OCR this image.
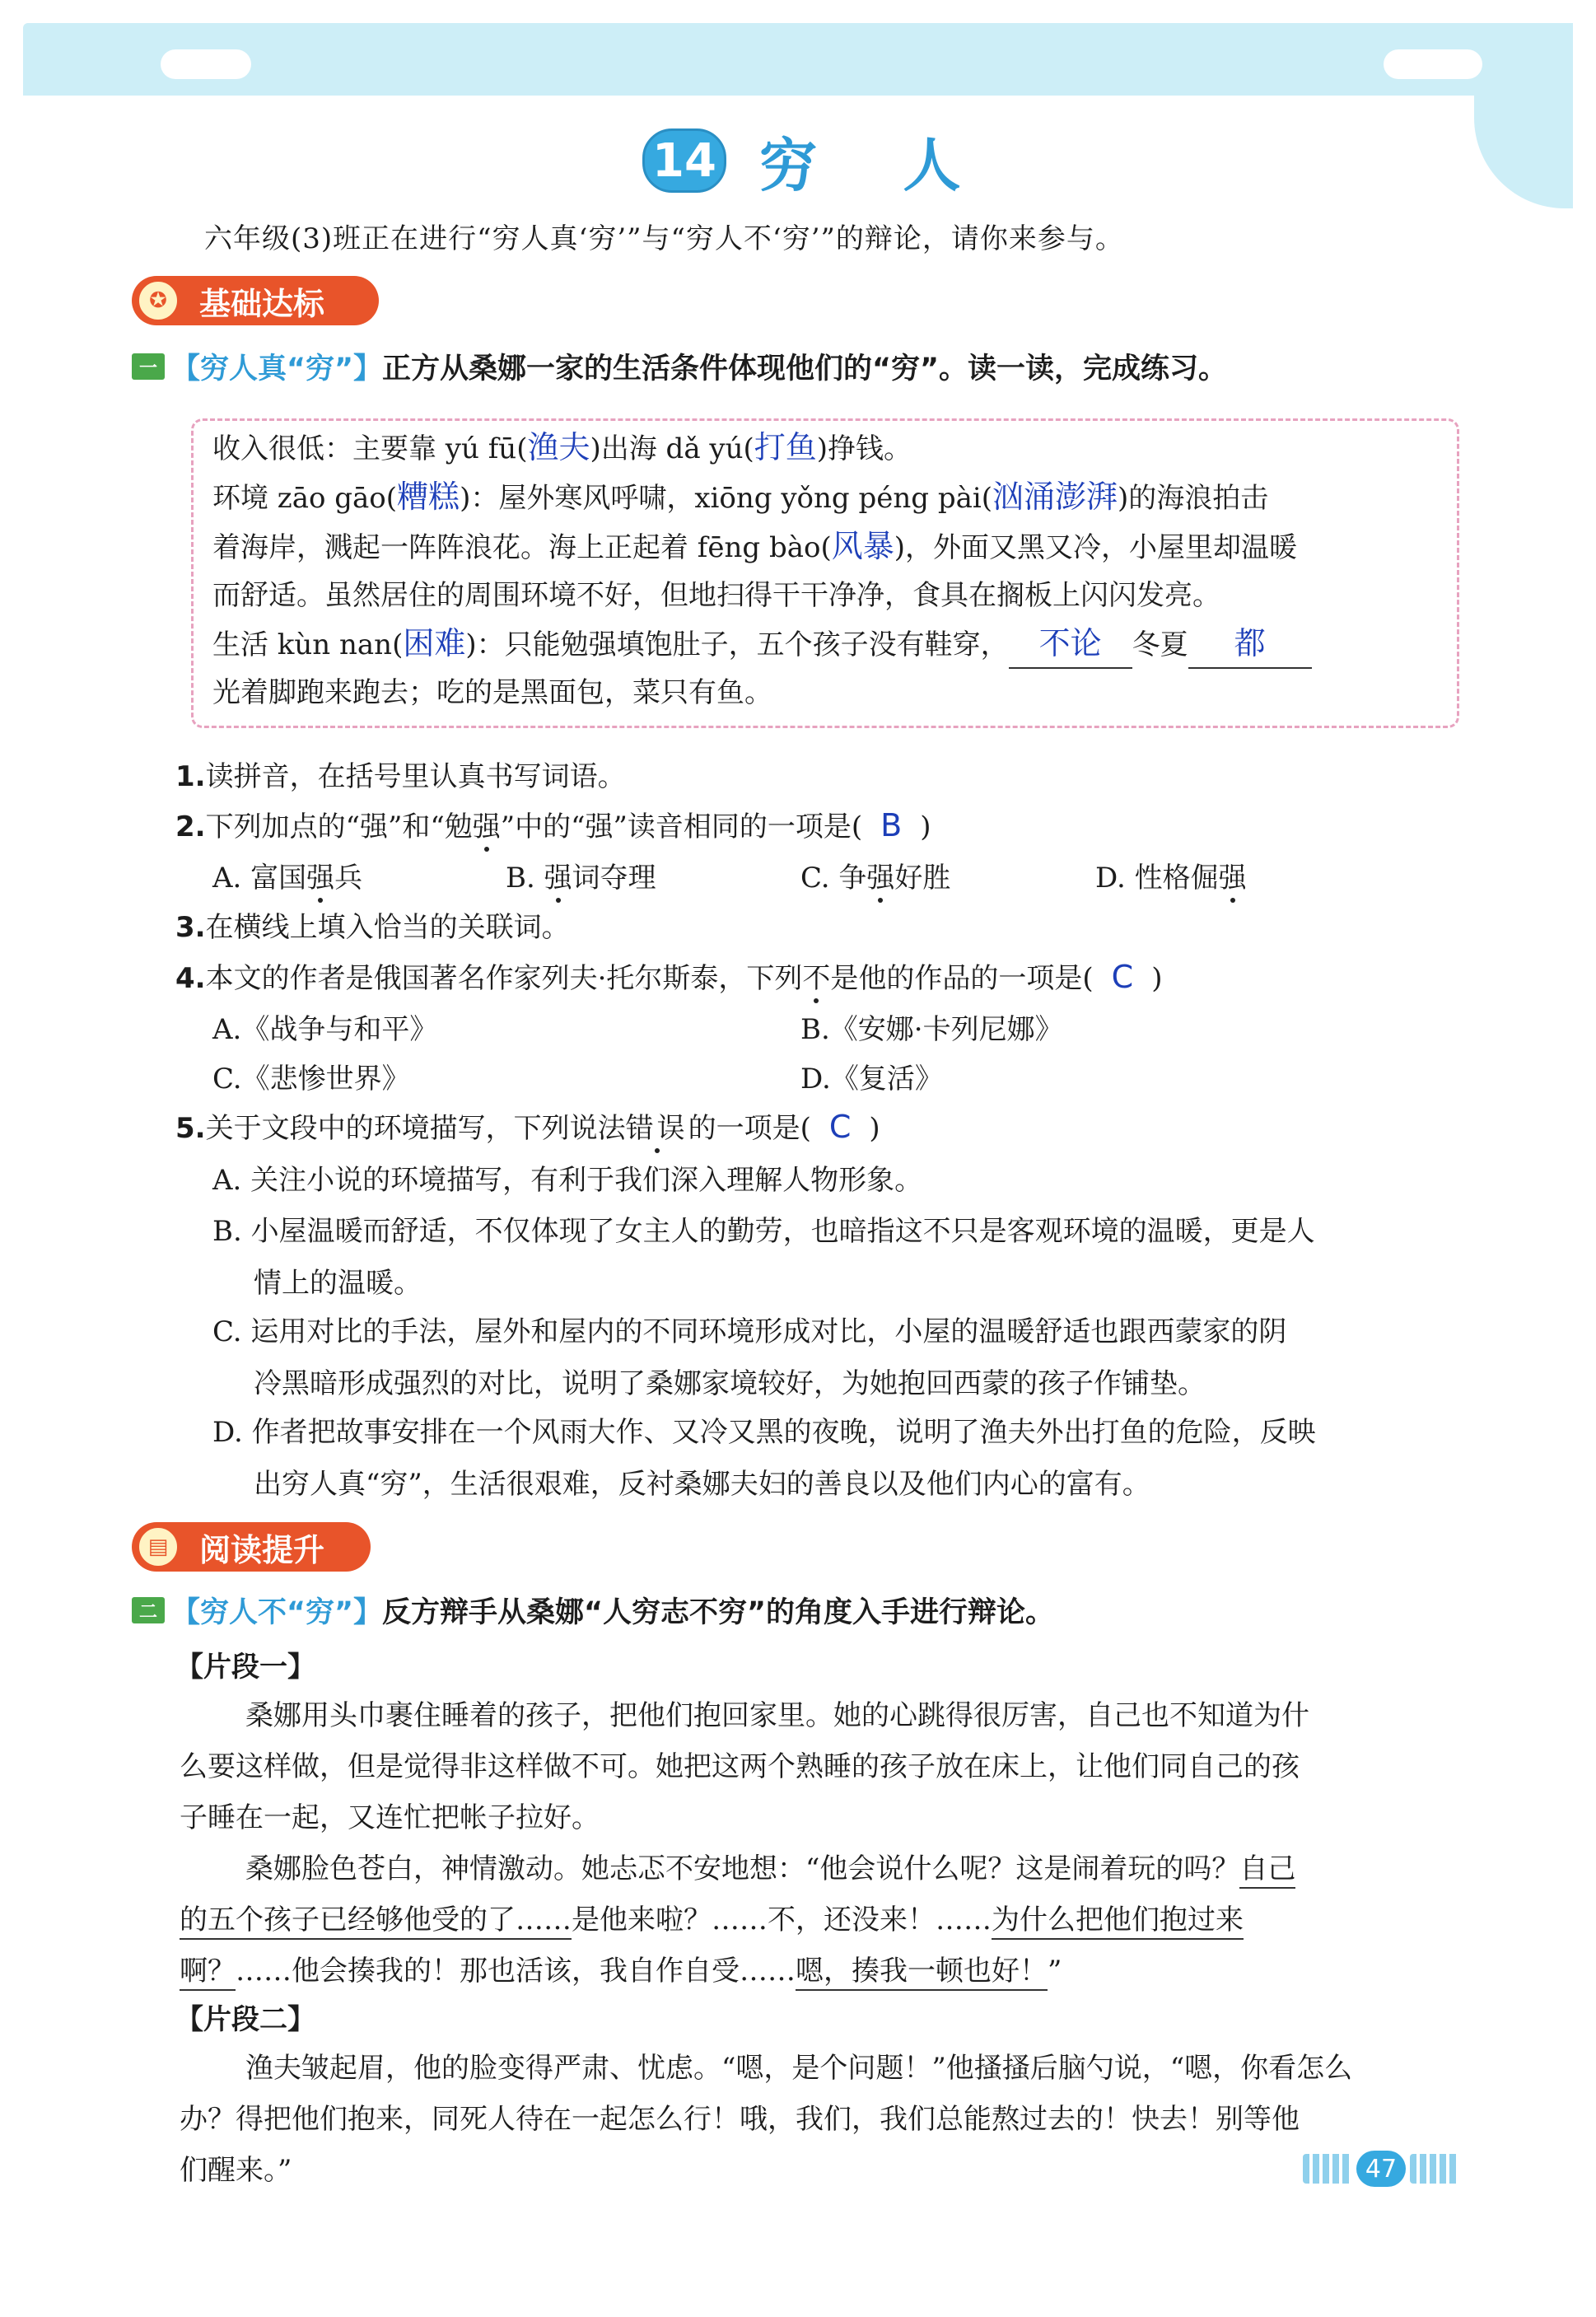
14 穷 人
六年级(3)班正在进行“穷人真‘穷’”与“穷人不‘穷’”的辩论，请你来参与。
✪	基础达标
一 【穷人真“穷”】 正方从桑娜一家的生活条件体现他们的“穷”。读一读，完成练习。
收入很低：主要靠 yú fū(渔夫)出海 dǎ yú(打鱼)挣钱。
环境 zāo gāo(糟糕)：屋外寒风呼啸，xiōng yǒng péng pài(汹涌澎湃)的海浪拍击
着海岸，溅起一阵阵浪花。海上正起着 fēng bào(风暴)，外面又黑又冷，小屋里却温暖
而舒适。虽然居住的周围环境不好，但地扫得干干净净，食具在搁板上闪闪发亮。
生活 kùn nan(困难)：只能勉强填饱肚子，五个孩子没有鞋穿， 不论 冬夏 都
光着脚跑来跑去；吃的是黑面包，菜只有鱼。
1.读拼音，在括号里认真书写词语。
2.下列加点的“强”和“勉强”中的“强”读音相同的一项是( B )
A. 富国强兵	B. 强词夺理	C. 争强好胜	D. 性格倔强
3.在横线上填入恰当的关联词。
4.本文的作者是俄国著名作家列夫·托尔斯泰，下列不是他的作品的一项是( C )
A.《战争与和平》	B.《安娜·卡列尼娜》
C.《悲惨世界》	D.《复活》
5.关于文段中的环境描写，下列说法错误的一项是( C )
A. 关注小说的环境描写，有利于我们深入理解人物形象。
B. 小屋温暖而舒适，不仅体现了女主人的勤劳，也暗指这不只是客观环境的温暖，更是人
情上的温暖。
C. 运用对比的手法，屋外和屋内的不同环境形成对比，小屋的温暖舒适也跟西蒙家的阴
冷黑暗形成强烈的对比，说明了桑娜家境较好，为她抱回西蒙的孩子作铺垫。
D. 作者把故事安排在一个风雨大作、又冷又黑的夜晚，说明了渔夫外出打鱼的危险，反映
出穷人真“穷”，生活很艰难，反衬桑娜夫妇的善良以及他们内心的富有。
▤ 阅读提升
二 【穷人不“穷”】 反方辩手从桑娜“人穷志不穷”的角度入手进行辩论。
【片段一】
桑娜用头巾裹住睡着的孩子，把他们抱回家里。她的心跳得很厉害，自己也不知道为什
么要这样做，但是觉得非这样做不可。她把这两个熟睡的孩子放在床上，让他们同自己的孩
子睡在一起，又连忙把帐子拉好。
桑娜脸色苍白，神情激动。她忐忑不安地想：“他会说什么呢？这是闹着玩的吗？自己
的五个孩子已经够他受的了……是他来啦？……不，还没来！……为什么把他们抱过来
啊？……他会揍我的！那也活该，我自作自受……嗯，揍我一顿也好！”
【片段二】
渔夫皱起眉，他的脸变得严肃、忧虑。“嗯，是个问题！”他搔搔后脑勺说，“嗯，你看怎么
办？得把他们抱来，同死人待在一起怎么行！哦，我们，我们总能熬过去的！快去！别等他
们醒来。”	47
